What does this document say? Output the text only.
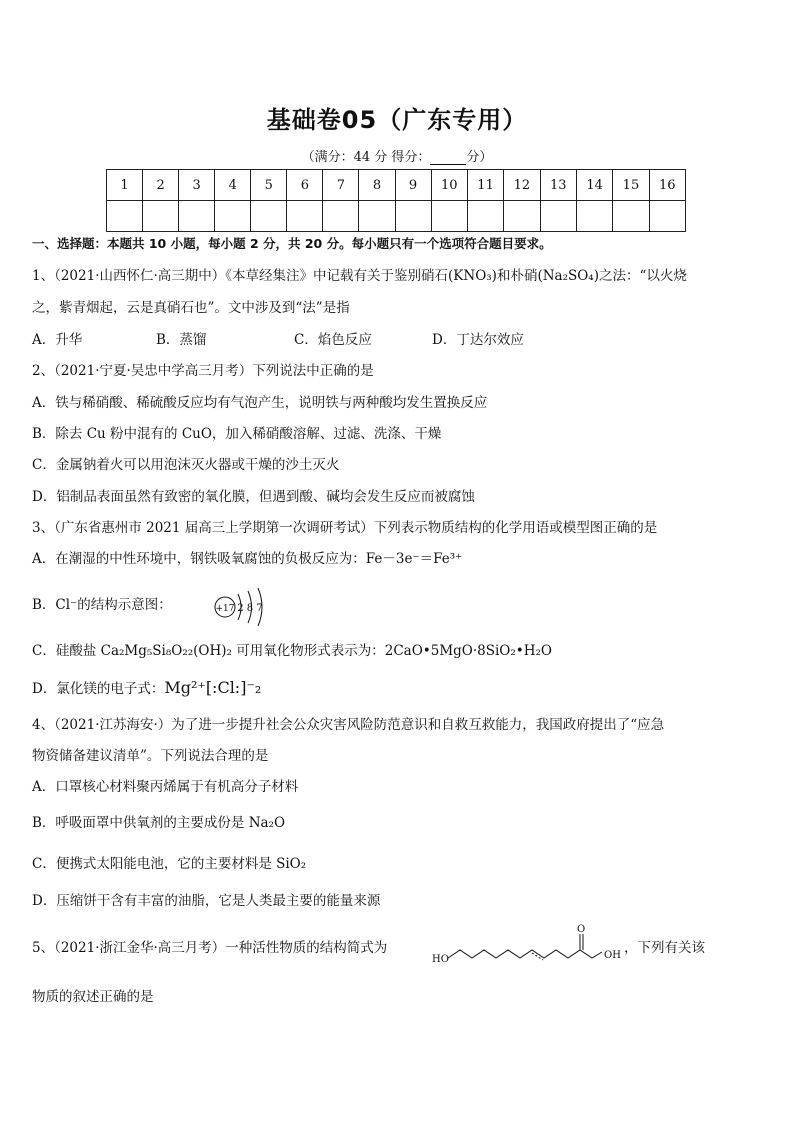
基础卷05（广东专用）
（满分：44 分 得分：	分）
1	2	3	4	5	6	7	8	9	10	11	12	13	14	15	16

一、选择题：本题共 10 小题，每小题 2 分，共 20 分。每小题只有一个选项符合题目要求。
1、（2021·山西怀仁·高三期中）《本草经集注》中记载有关于鉴别硝石(KNO₃)和朴硝(Na₂SO₄)之法：“以火烧
之，紫青烟起，云是真硝石也”。文中涉及到“法”是指
A．升华	B．蒸馏	C．焰色反应	D．丁达尔效应
2、（2021·宁夏·吴忠中学高三月考）下列说法中正确的是
A．铁与稀硝酸、稀硫酸反应均有气泡产生，说明铁与两种酸均发生置换反应
B．除去 Cu 粉中混有的 CuO，加入稀硝酸溶解、过滤、洗涤、干燥
C．金属钠着火可以用泡沫灭火器或干燥的沙土灭火
D．铝制品表面虽然有致密的氧化膜，但遇到酸、碱均会发生反应而被腐蚀
3、（广东省惠州市 2021 届高三上学期第一次调研考试）下列表示物质结构的化学用语或模型图正确的是
A．在潮湿的中性环境中，钢铁吸氧腐蚀的负极反应为：Fe－3e⁻＝Fe³⁺
B．Cl⁻的结构示意图：	+17 2 8 7
C．硅酸盐 Ca₂Mg₅Si₈O₂₂(OH)₂ 可用氧化物形式表示为：2CaO•5MgO·8SiO₂•H₂O
D．氯化镁的电子式：Mg²⁺[:Cl:]⁻₂
4、（2021·江苏海安·）为了进一步提升社会公众灾害风险防范意识和自救互救能力，我国政府提出了“应急
物资储备建议清单”。下列说法合理的是
A．口罩核心材料聚丙烯属于有机高分子材料
B．呼吸面罩中供氧剂的主要成份是 Na₂O
C．便携式太阳能电池，它的主要材料是 SiO₂
D．压缩饼干含有丰富的油脂，它是人类最主要的能量来源
5、（2021·浙江金华·高三月考）一种活性物质的结构简式为
HO
O
OH ，下列有关该
物质的叙述正确的是
